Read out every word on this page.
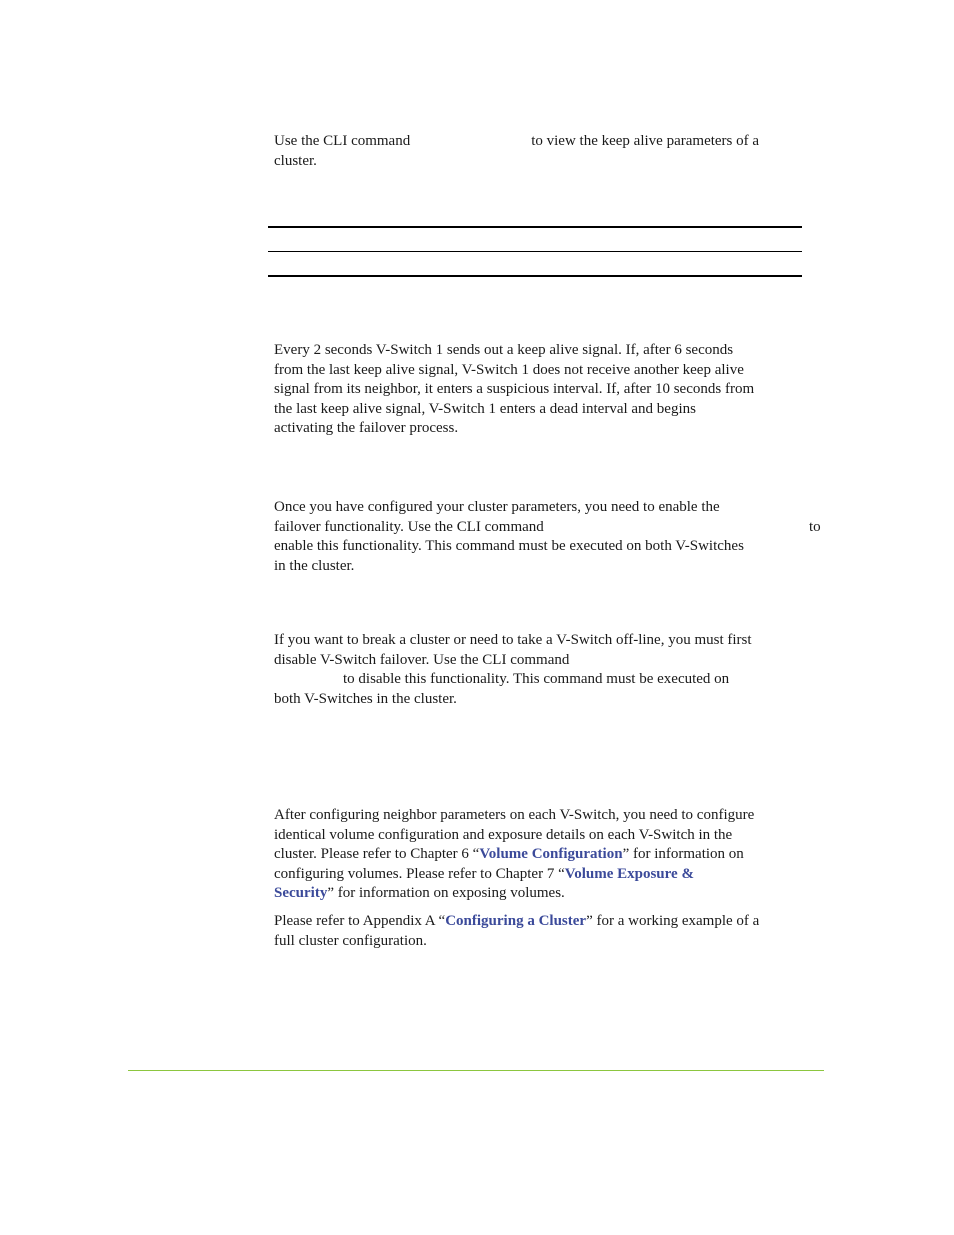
Use the CLI command	to view the keep alive parameters of a
cluster.
Every 2 seconds V-Switch 1 sends out a keep alive signal. If, after 6 seconds
from the last keep alive signal, V-Switch 1 does not receive another keep alive
signal from its neighbor, it enters a suspicious interval. If, after 10 seconds from
the last keep alive signal, V-Switch 1 enters a dead interval and begins
activating the failover process.
Once you have configured your cluster parameters, you need to enable the
failover functionality. Use the CLI command	to
enable this functionality. This command must be executed on both V-Switches
in the cluster.
If you want to break a cluster or need to take a V-Switch off-line, you must first
disable V-Switch failover. Use the CLI command
to disable this functionality. This command must be executed on
both V-Switches in the cluster.
After configuring neighbor parameters on each V-Switch, you need to configure
identical volume configuration and exposure details on each V-Switch in the
cluster. Please refer to Chapter 6 “Volume Configuration” for information on
configuring volumes. Please refer to Chapter 7 “Volume Exposure &
Security” for information on exposing volumes.
Please refer to Appendix A “Configuring a Cluster” for a working example of a
full cluster configuration.
